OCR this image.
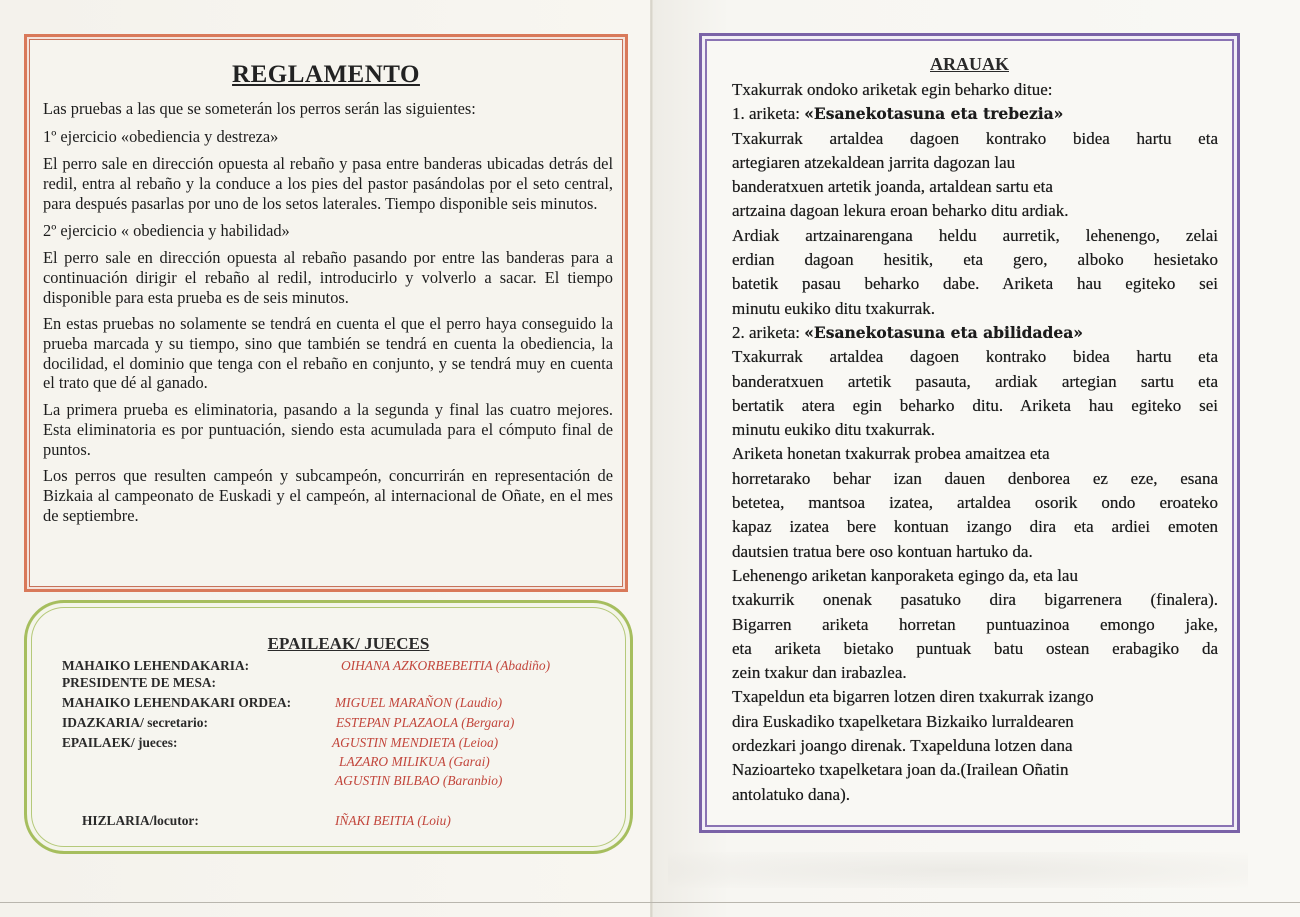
REGLAMENTO

Las pruebas a las que se someterán los perros serán las siguientes:

1º ejercicio «obediencia y destreza»

El perro sale en dirección opuesta al rebaño y pasa entre banderas ubicadas detrás del redil, entra al rebaño y la conduce a los pies del pastor pasándolas por el seto central, para después pasarlas por uno de los setos laterales. Tiempo disponible seis minutos.

2º ejercicio « obediencia y habilidad»

El perro sale en dirección opuesta al rebaño pasando por entre las banderas para a continuación dirigir el rebaño al redil, introducirlo y volverlo a sacar. El tiempo disponible para esta prueba es de seis minutos.

En estas pruebas no solamente se tendrá en cuenta el que el perro haya conseguido la prueba marcada y su tiempo, sino que también se tendrá en cuenta la obediencia, la docilidad, el dominio que tenga con el rebaño en conjunto, y se tendrá muy en cuenta el trato que dé al ganado.

La primera prueba es eliminatoria, pasando a la segunda y final las cuatro mejores. Esta eliminatoria es por puntuación, siendo esta acumulada para el cómputo final de puntos.

Los perros que resulten campeón y subcampeón, concurrirán en representación de Bizkaia al campeonato de Euskadi y el campeón, al internacional de Oñate, en el mes de septiembre.

EPAILEAK/ JUECES
MAHAIKO LEHENDAKARIA:	OIHANA AZKORBEBEITIA (Abadiño)
PRESIDENTE DE MESA:
MAHAIKO LEHENDAKARI ORDEA:	MIGUEL MARAÑON (Laudio)
IDAZKARIA/ secretario:	ESTEPAN PLAZAOLA (Bergara)
EPAILAEK/ jueces:	AGUSTIN MENDIETA (Leioa)
LAZARO MILIKUA (Garai)
AGUSTIN BILBAO (Baranbio)
HIZLARIA/locutor:	IÑAKI BEITIA (Loiu)
ARAUAK
Txakurrak ondoko ariketak egin beharko ditue:
1. ariketa: «Esanekotasuna eta trebezia»
Txakurrak artaldea dagoen kontrako bidea hartu eta
artegiaren atzekaldean jarrita dagozan lau
banderatxuen artetik joanda, artaldean sartu eta
artzaina dagoan lekura eroan beharko ditu ardiak.
Ardiak artzainarengana heldu aurretik, lehenengo, zelai
erdian dagoan hesitik, eta gero, alboko hesietako
batetik pasau beharko dabe. Ariketa hau egiteko sei
minutu eukiko ditu txakurrak.
2. ariketa: «Esanekotasuna eta abilidadea»
Txakurrak artaldea dagoen kontrako bidea hartu eta
banderatxuen artetik pasauta, ardiak artegian sartu eta
bertatik atera egin beharko ditu. Ariketa hau egiteko sei
minutu eukiko ditu txakurrak.
Ariketa honetan txakurrak probea amaitzea eta
horretarako behar izan dauen denborea ez eze, esana
betetea, mantsoa izatea, artaldea osorik ondo eroateko
kapaz izatea bere kontuan izango dira eta ardiei emoten
dautsien tratua bere oso kontuan hartuko da.
Lehenengo ariketan kanporaketa egingo da, eta lau
txakurrik onenak pasatuko dira bigarrenera (finalera).
Bigarren ariketa horretan puntuazinoa emongo jake,
eta ariketa bietako puntuak batu ostean erabagiko da
zein txakur dan irabazlea.
Txapeldun eta bigarren lotzen diren txakurrak izango
dira Euskadiko txapelketara Bizkaiko lurraldearen
ordezkari joango direnak. Txapelduna lotzen dana
Nazioarteko txapelketara joan da.(Irailean Oñatin
antolatuko dana).
